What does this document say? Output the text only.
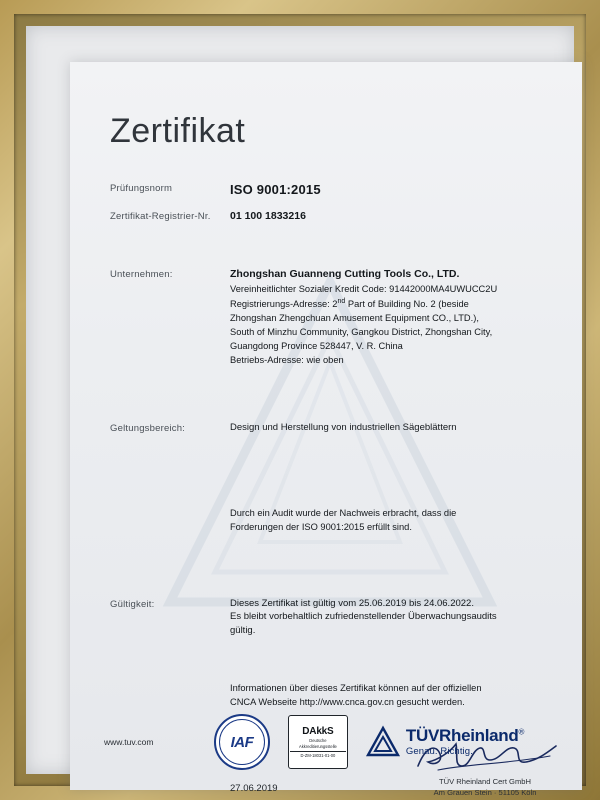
Zertifikat
Prüfungsnorm	ISO 9001:2015
Zertifikat-Registrier-Nr.	01 100 1833216
Unternehmen:	Zhongshan Guanneng Cutting Tools Co., LTD.
Vereinheitlichter Sozialer Kredit Code: 91442000MA4UWUCC2U
Registrierungs-Adresse: 2nd Part of Building No. 2 (beside
Zhongshan Zhengchuan Amusement Equipment CO., LTD.),
South of Minzhu Community, Gangkou District, Zhongshan City,
Guangdong Province 528447, V. R. China
Betriebs-Adresse: wie oben
Geltungsbereich:	Design und Herstellung von industriellen Sägeblättern
Durch ein Audit wurde der Nachweis erbracht, dass die
Forderungen der ISO 9001:2015 erfüllt sind.
Gültigkeit:	Dieses Zertifikat ist gültig vom 25.06.2019 bis 24.06.2022.
Es bleibt vorbehaltlich zufriedenstellender Überwachungsaudits
gültig.
Informationen über dieses Zertifikat können auf der offiziellen
CNCA Webseite http://www.cnca.gov.cn gesucht werden.
27.06.2019
TÜV Rheinland Cert GmbH
Am Grauen Stein · 51105 Köln
www.tuv.com	IAF
DAkkS
Deutsche
Akkreditierungsstelle
D-ZM-18031-01-00
TÜVRheinland®
Genau. Richtig.
